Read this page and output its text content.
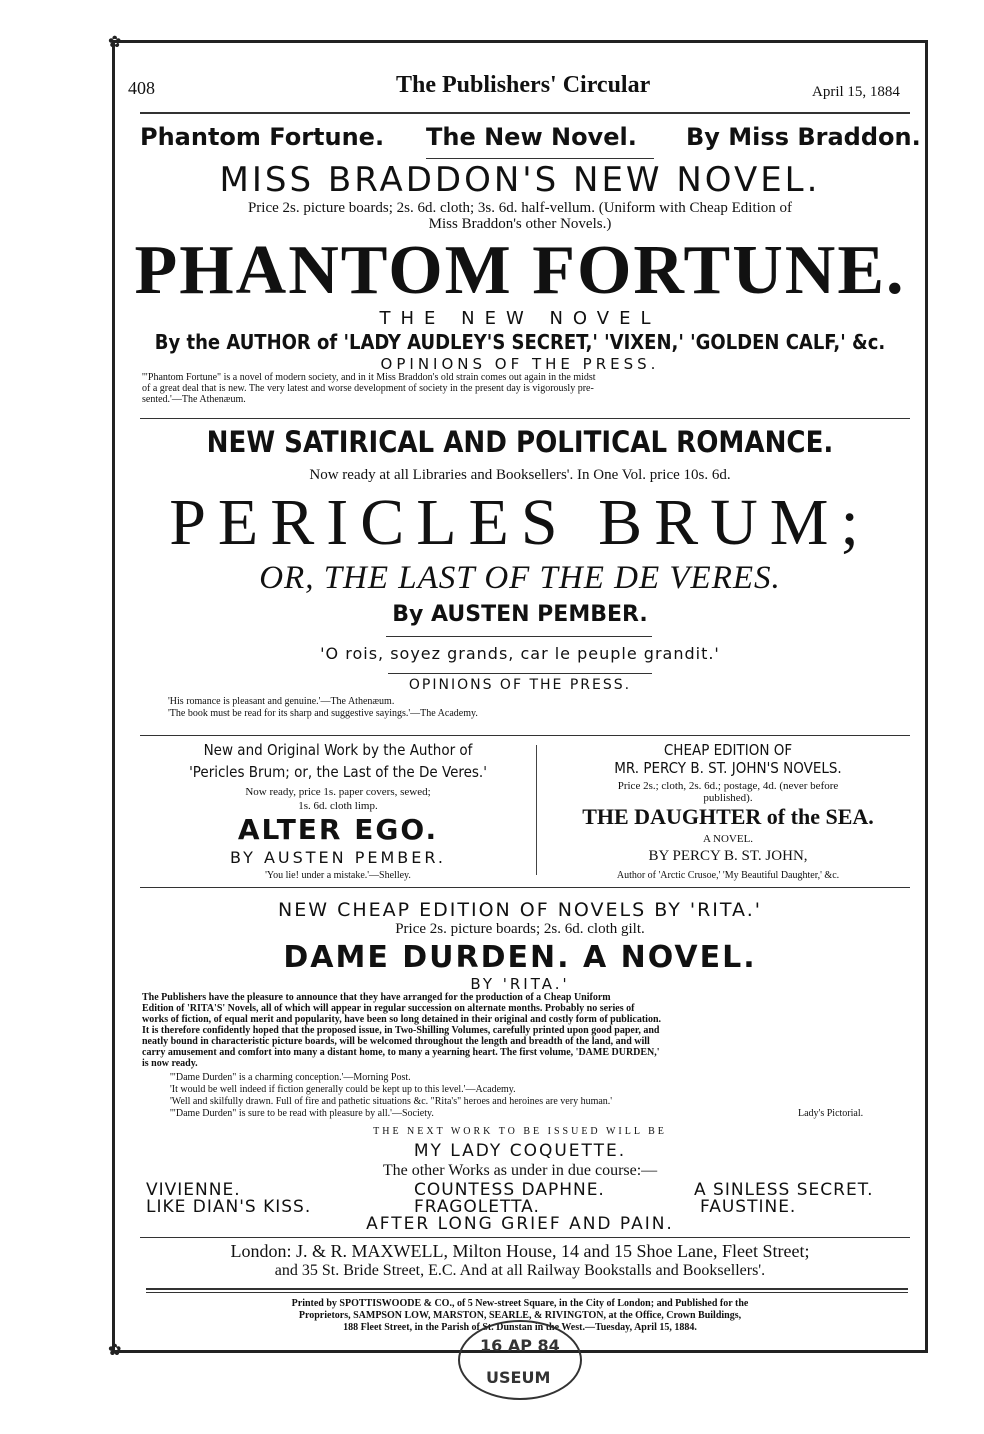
✿
✿
408	The Publishers' Circular	April 15, 1884
Phantom Fortune. The New Novel. By Miss Braddon.
MISS BRADDON'S NEW NOVEL.
Price 2s. picture boards; 2s. 6d. cloth; 3s. 6d. half-vellum. (Uniform with Cheap Edition of
Miss Braddon's other Novels.)
PHANTOM FORTUNE.
THE NEW NOVEL
By the AUTHOR of 'LADY AUDLEY'S SECRET,' 'VIXEN,' 'GOLDEN CALF,' &c.
OPINIONS OF THE PRESS.
'"Phantom Fortune" is a novel of modern society, and in it Miss Braddon's old strain comes out again in the midst
of a great deal that is new. The very latest and worse development of society in the present day is vigorously pre-
sented.'—The Athenæum.
NEW SATIRICAL AND POLITICAL ROMANCE.
Now ready at all Libraries and Booksellers'. In One Vol. price 10s. 6d.
PERICLES BRUM;
OR, THE LAST OF THE DE VERES.
By AUSTEN PEMBER.
'O rois, soyez grands, car le peuple grandit.'
OPINIONS OF THE PRESS.
'His romance is pleasant and genuine.'—The Athenæum.
'The book must be read for its sharp and suggestive sayings.'—The Academy.
New and Original Work by the Author of
'Pericles Brum; or, the Last of the De Veres.'
Now ready, price 1s. paper covers, sewed;
1s. 6d. cloth limp.
ALTER EGO.
BY AUSTEN PEMBER.
'You lie! under a mistake.'—Shelley.
CHEAP EDITION OF
MR. PERCY B. ST. JOHN'S NOVELS.
Price 2s.; cloth, 2s. 6d.; postage, 4d. (never before
published).
THE DAUGHTER of the SEA.
A NOVEL.
BY PERCY B. ST. JOHN,
Author of 'Arctic Crusoe,' 'My Beautiful Daughter,' &c.
NEW CHEAP EDITION OF NOVELS BY 'RITA.'
Price 2s. picture boards; 2s. 6d. cloth gilt.
DAME DURDEN. A NOVEL.
BY 'RITA.'
The Publishers have the pleasure to announce that they have arranged for the production of a Cheap Uniform
Edition of 'RITA'S' Novels, all of which will appear in regular succession on alternate months. Probably no series of
works of fiction, of equal merit and popularity, have been so long detained in their original and costly form of publication.
It is therefore confidently hoped that the proposed issue, in Two-Shilling Volumes, carefully printed upon good paper, and
neatly bound in characteristic picture boards, will be welcomed throughout the length and breadth of the land, and will
carry amusement and comfort into many a distant home, to many a yearning heart. The first volume, 'DAME DURDEN,'
is now ready.
'"Dame Durden" is a charming conception.'—Morning Post.
'It would be well indeed if fiction generally could be kept up to this level.'—Academy.
'Well and skilfully drawn. Full of fire and pathetic situations &c. "Rita's" heroes and heroines are very human.'
'"Dame Durden" is sure to be read with pleasure by all.'—Society.	Lady's Pictorial.
THE NEXT WORK TO BE ISSUED WILL BE
MY LADY COQUETTE.
The other Works as under in due course:—
VIVIENNE.	COUNTESS DAPHNE.	A SINLESS SECRET.
LIKE DIAN'S KISS.	FRAGOLETTA.	FAUSTINE.
AFTER LONG GRIEF AND PAIN.
London: J. & R. MAXWELL, Milton House, 14 and 15 Shoe Lane, Fleet Street;
and 35 St. Bride Street, E.C. And at all Railway Bookstalls and Booksellers'.
Printed by SPOTTISWOODE & CO., of 5 New-street Square, in the City of London; and Published for the
Proprietors, SAMPSON LOW, MARSTON, SEARLE, & RIVINGTON, at the Office, Crown Buildings,
188 Fleet Street, in the Parish of St. Dunstan in the West.—Tuesday, April 15, 1884.
16 AP 84
USEUM
